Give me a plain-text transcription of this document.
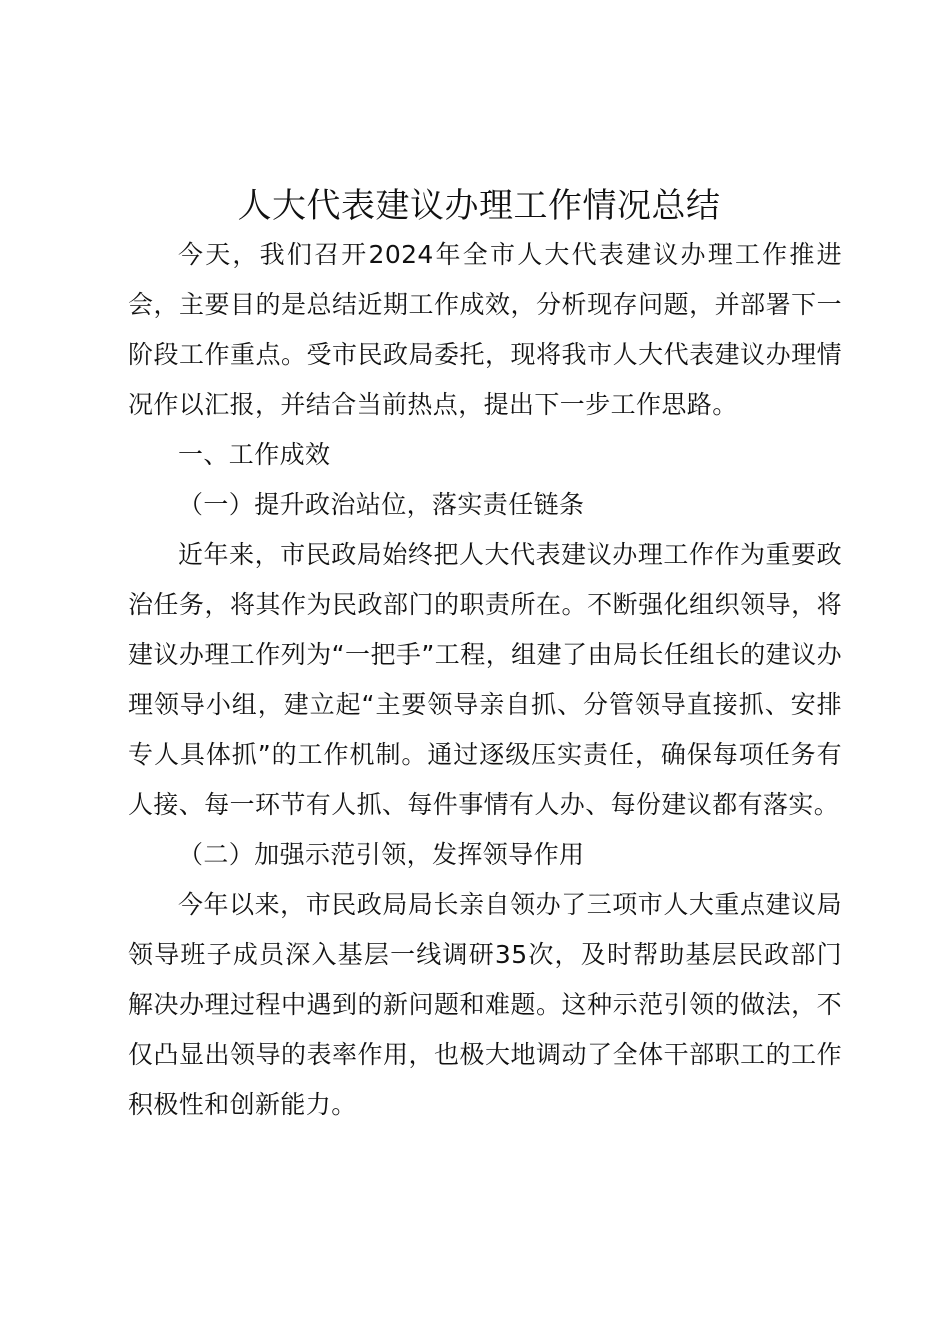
人大代表建议办理工作情况总结

今天，我们召开2024年全市人大代表建议办理工作推进会，主要目的是总结近期工作成效，分析现存问题，并部署下一阶段工作重点。受市民政局委托，现将我市人大代表建议办理情况作以汇报，并结合当前热点，提出下一步工作思路。

一、工作成效

（一）提升政治站位，落实责任链条

近年来，市民政局始终把人大代表建议办理工作作为重要政治任务，将其作为民政部门的职责所在。不断强化组织领导，将建议办理工作列为“一把手”工程，组建了由局长任组长的建议办理领导小组，建立起“主要领导亲自抓、分管领导直接抓、安排专人具体抓”的工作机制。通过逐级压实责任，确保每项任务有人接、每一环节有人抓、每件事情有人办、每份建议都有落实。

（二）加强示范引领，发挥领导作用

今年以来，市民政局局长亲自领办了三项市人大重点建议局领导班子成员深入基层一线调研35次，及时帮助基层民政部门解决办理过程中遇到的新问题和难题。这种示范引领的做法，不仅凸显出领导的表率作用，也极大地调动了全体干部职工的工作积极性和创新能力。
